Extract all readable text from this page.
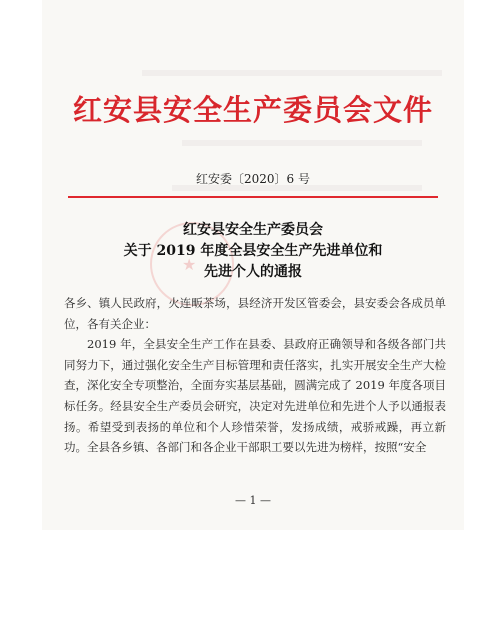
红安县安全生产委员会文件
红安委〔2020〕6 号
★
红安县安全生产委员会
关于 2019 年度全县安全生产先进单位和
先进个人的通报

各乡、镇人民政府，火连畈茶场，县经济开发区管委会，县安委会各成员单位，各有关企业：

2019 年，全县安全生产工作在县委、县政府正确领导和各级各部门共同努力下，通过强化安全生产目标管理和责任落实，扎实开展安全生产大检查，深化安全专项整治，全面夯实基层基础，圆满完成了 2019 年度各项目标任务。经县安全生产委员会研究，决定对先进单位和先进个人予以通报表扬。希望受到表扬的单位和个人珍惜荣誉，发扬成绩，戒骄戒躁，再立新功。全县各乡镇、各部门和各企业干部职工要以先进为榜样，按照“安全

— 1 —
